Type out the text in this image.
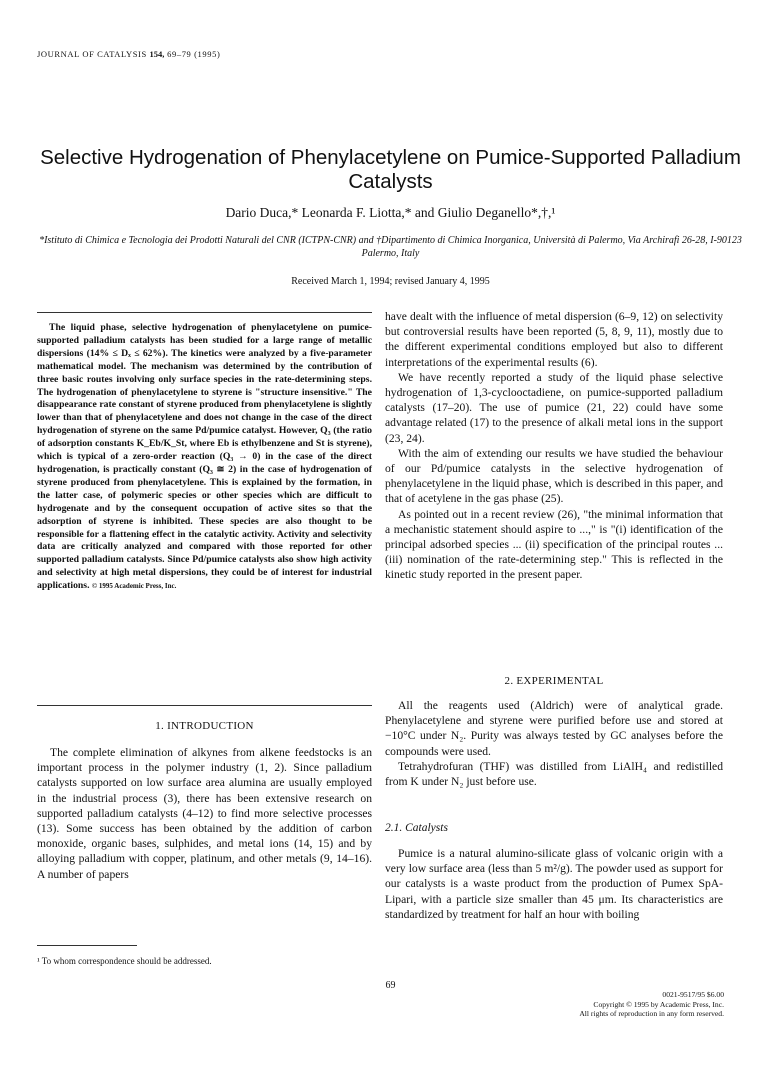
JOURNAL OF CATALYSIS 154, 69–79 (1995)
Selective Hydrogenation of Phenylacetylene on Pumice-Supported Palladium Catalysts
Dario Duca,* Leonarda F. Liotta,* and Giulio Deganello*,†,¹
*Istituto di Chimica e Tecnologia dei Prodotti Naturali del CNR (ICTPN-CNR) and †Dipartimento di Chimica Inorganica, Università di Palermo, Via Archirafi 26-28, I-90123 Palermo, Italy
Received March 1, 1994; revised January 4, 1995
The liquid phase, selective hydrogenation of phenylacetylene on pumice-supported palladium catalysts has been studied for a large range of metallic dispersions (14% ≤ Dₓ ≤ 62%). The kinetics were analyzed by a five-parameter mathematical model. The mechanism was determined by the contribution of three basic routes involving only surface species in the rate-determining steps. The hydrogenation of phenylacetylene to styrene is "structure insensitive." The disappearance rate constant of styrene produced from phenylacetylene is slightly lower than that of phenylacetylene and does not change in the case of the direct hydrogenation of styrene on the same Pd/pumice catalyst. However, Q₃ (the ratio of adsorption constants K_Eb/K_St, where Eb is ethylbenzene and St is styrene), which is typical of a zero-order reaction (Q₃ → 0) in the case of the direct hydrogenation, is practically constant (Q₃ ≅ 2) in the case of hydrogenation of styrene produced from phenylacetylene. This is explained by the formation, in the latter case, of polymeric species or other species which are difficult to hydrogenate and by the consequent occupation of active sites so that the adsorption of styrene is inhibited. These species are also thought to be responsible for a flattening effect in the catalytic activity. Activity and selectivity data are critically analyzed and compared with those reported for other supported palladium catalysts. Since Pd/pumice catalysts also show high activity and selectivity at high metal dispersions, they could be of interest for industrial applications. © 1995 Academic Press, Inc.
1. INTRODUCTION

The complete elimination of alkynes from alkene feedstocks is an important process in the polymer industry (1, 2). Since palladium catalysts supported on low surface area alumina are usually employed in the industrial process (3), there has been extensive research on supported palladium catalysts (4–12) to find more selective processes (13). Some success has been obtained by the addition of carbon monoxide, organic bases, sulphides, and metal ions (14, 15) and by alloying palladium with copper, platinum, and other metals (9, 14–16). A number of papers

¹ To whom correspondence should be addressed.

have dealt with the influence of metal dispersion (6–9, 12) on selectivity but controversial results have been reported (5, 8, 9, 11), mostly due to the different experimental conditions employed but also to different interpretations of the experimental results (6).

We have recently reported a study of the liquid phase selective hydrogenation of 1,3-cyclooctadiene, on pumice-supported palladium catalysts (17–20). The use of pumice (21, 22) could have some advantage related (17) to the presence of alkali metal ions in the support (23, 24).

With the aim of extending our results we have studied the behaviour of our Pd/pumice catalysts in the selective hydrogenation of phenylacetylene in the liquid phase, which is described in this paper, and that of acetylene in the gas phase (25).

As pointed out in a recent review (26), "the minimal information that a mechanistic statement should aspire to ...," is "(i) identification of the principal adsorbed species ... (ii) specification of the principal routes ... (iii) nomination of the rate-determining step." This is reflected in the kinetic study reported in the present paper.

2. EXPERIMENTAL

All the reagents used (Aldrich) were of analytical grade. Phenylacetylene and styrene were purified before use and stored at −10°C under N₂. Purity was always tested by GC analyses before the compounds were used.

Tetrahydrofuran (THF) was distilled from LiAlH₄ and redistilled from K under N₂ just before use.

2.1. Catalysts

Pumice is a natural alumino-silicate glass of volcanic origin with a very low surface area (less than 5 m²/g). The powder used as support for our catalysts is a waste product from the production of Pumex SpA-Lipari, with a particle size smaller than 45 μm. Its characteristics are standardized by treatment for half an hour with boiling

69
0021-9517/95 $6.00
Copyright © 1995 by Academic Press, Inc.
All rights of reproduction in any form reserved.
